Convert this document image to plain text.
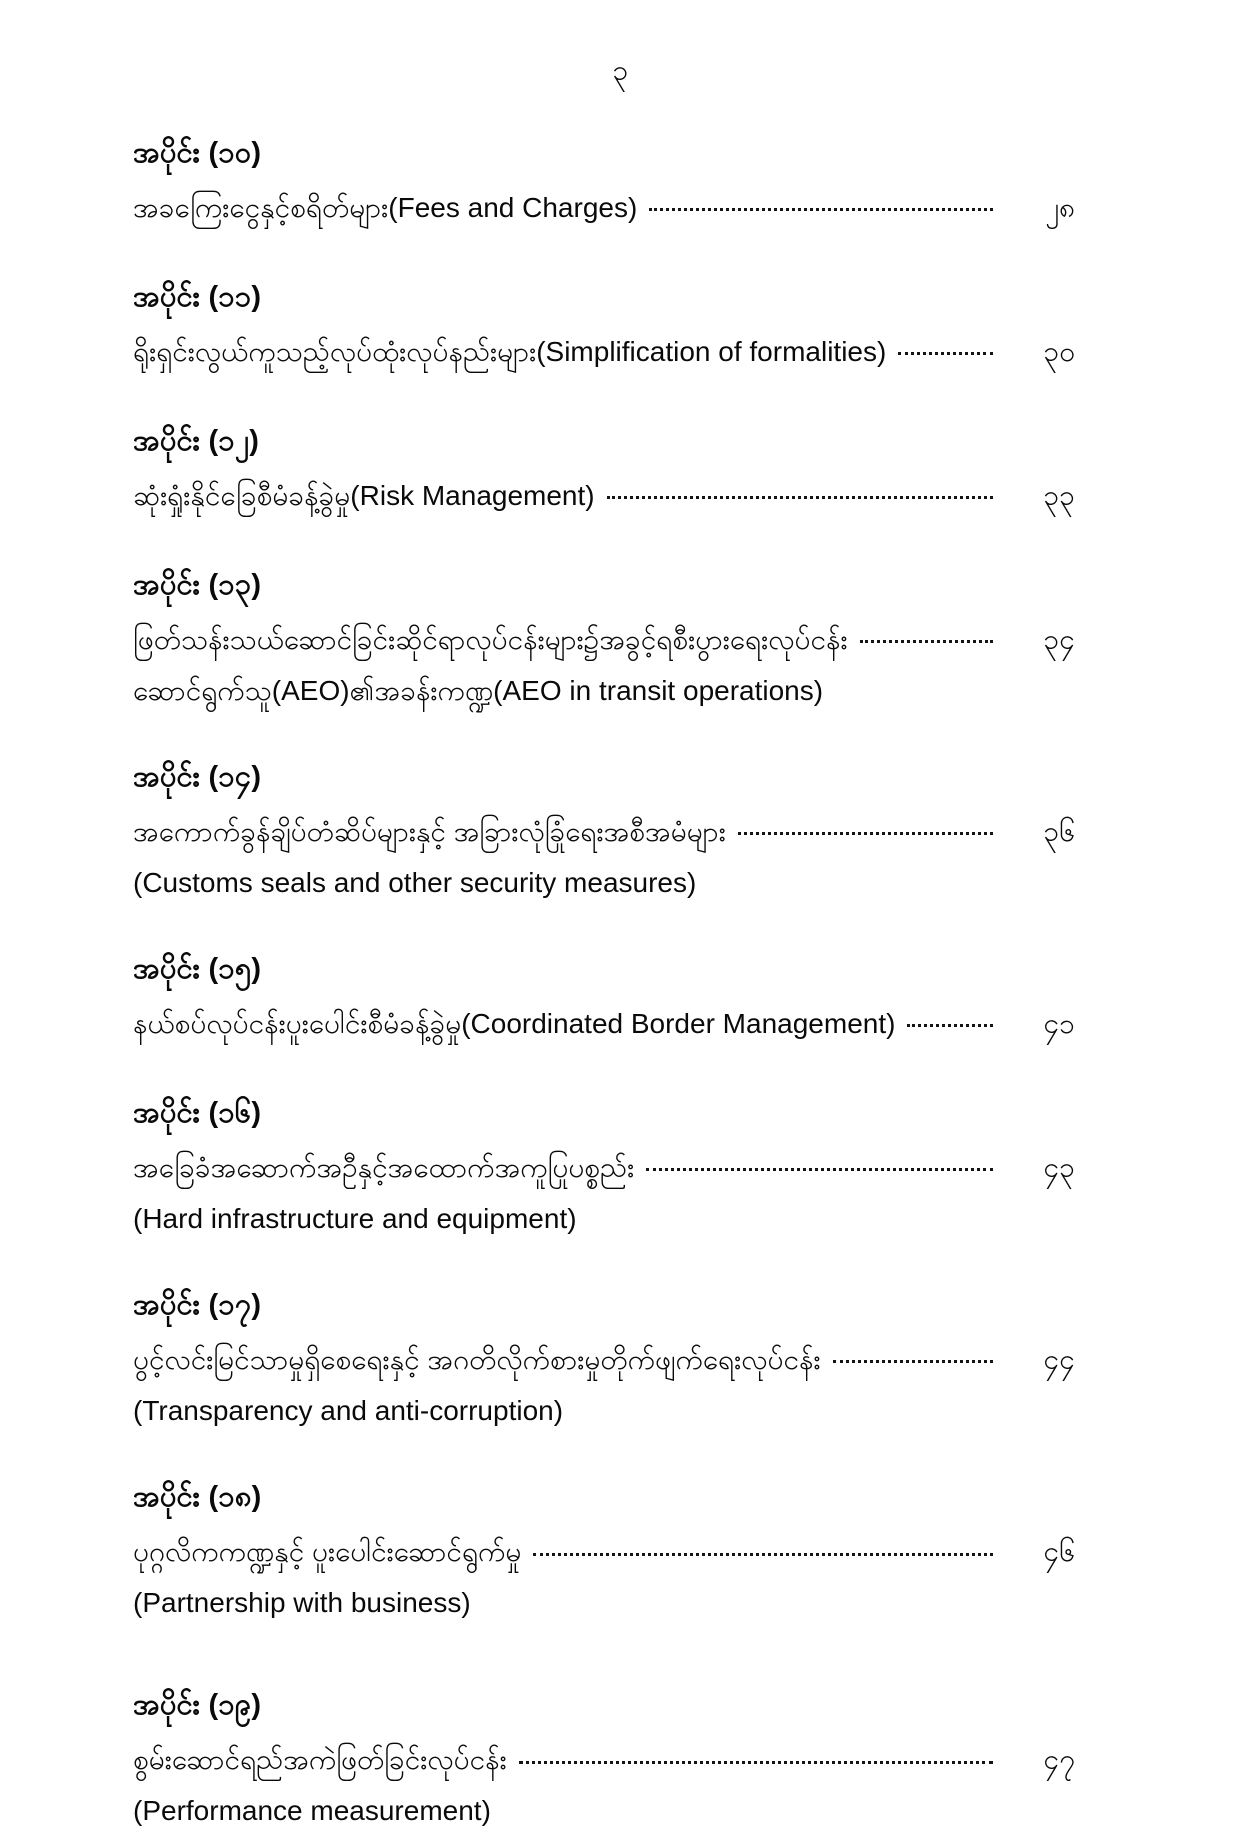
၃
အပိုင်း (၁၀)
အခကြေးငွေနှင့်စရိတ်များ(Fees and Charges)	၂၈
အပိုင်း (၁၁)
ရိုးရှင်းလွယ်ကူသည့်လုပ်ထုံးလုပ်နည်းများ(Simplification of formalities)	၃၀
အပိုင်း (၁၂)
ဆုံးရှုံးနိုင်ခြေစီမံခန့်ခွဲမှု(Risk Management)	၃၃
အပိုင်း (၁၃)
ဖြတ်သန်းသယ်ဆောင်ခြင်းဆိုင်ရာလုပ်ငန်းများ၌အခွင့်ရစီးပွားရေးလုပ်ငန်း	၃၄
ဆောင်ရွက်သူ(AEO)၏အခန်းကဏ္ဍ(AEO in transit operations)
အပိုင်း (၁၄)
အကောက်ခွန်ချိပ်တံဆိပ်များနှင့် အခြားလုံခြုံရေးအစီအမံများ	၃၆
(Customs seals and other security measures)
အပိုင်း (၁၅)
နယ်စပ်လုပ်ငန်းပူးပေါင်းစီမံခန့်ခွဲမှု(Coordinated Border Management)	၄၁
အပိုင်း (၁၆)
အခြေခံအဆောက်အဦနှင့်အထောက်အကူပြုပစ္စည်း	၄၃
(Hard infrastructure and equipment)
အပိုင်း (၁၇)
ပွင့်လင်းမြင်သာမှုရှိစေရေးနှင့် အဂတိလိုက်စားမှုတိုက်ဖျက်ရေးလုပ်ငန်း	၄၄
(Transparency and anti-corruption)
အပိုင်း (၁၈)
ပုဂ္ဂလိကကဏ္ဍနှင့် ပူးပေါင်းဆောင်ရွက်မှု	၄၆
(Partnership with business)
အပိုင်း (၁၉)
စွမ်းဆောင်ရည်အကဲဖြတ်ခြင်းလုပ်ငန်း	၄၇
(Performance measurement)
